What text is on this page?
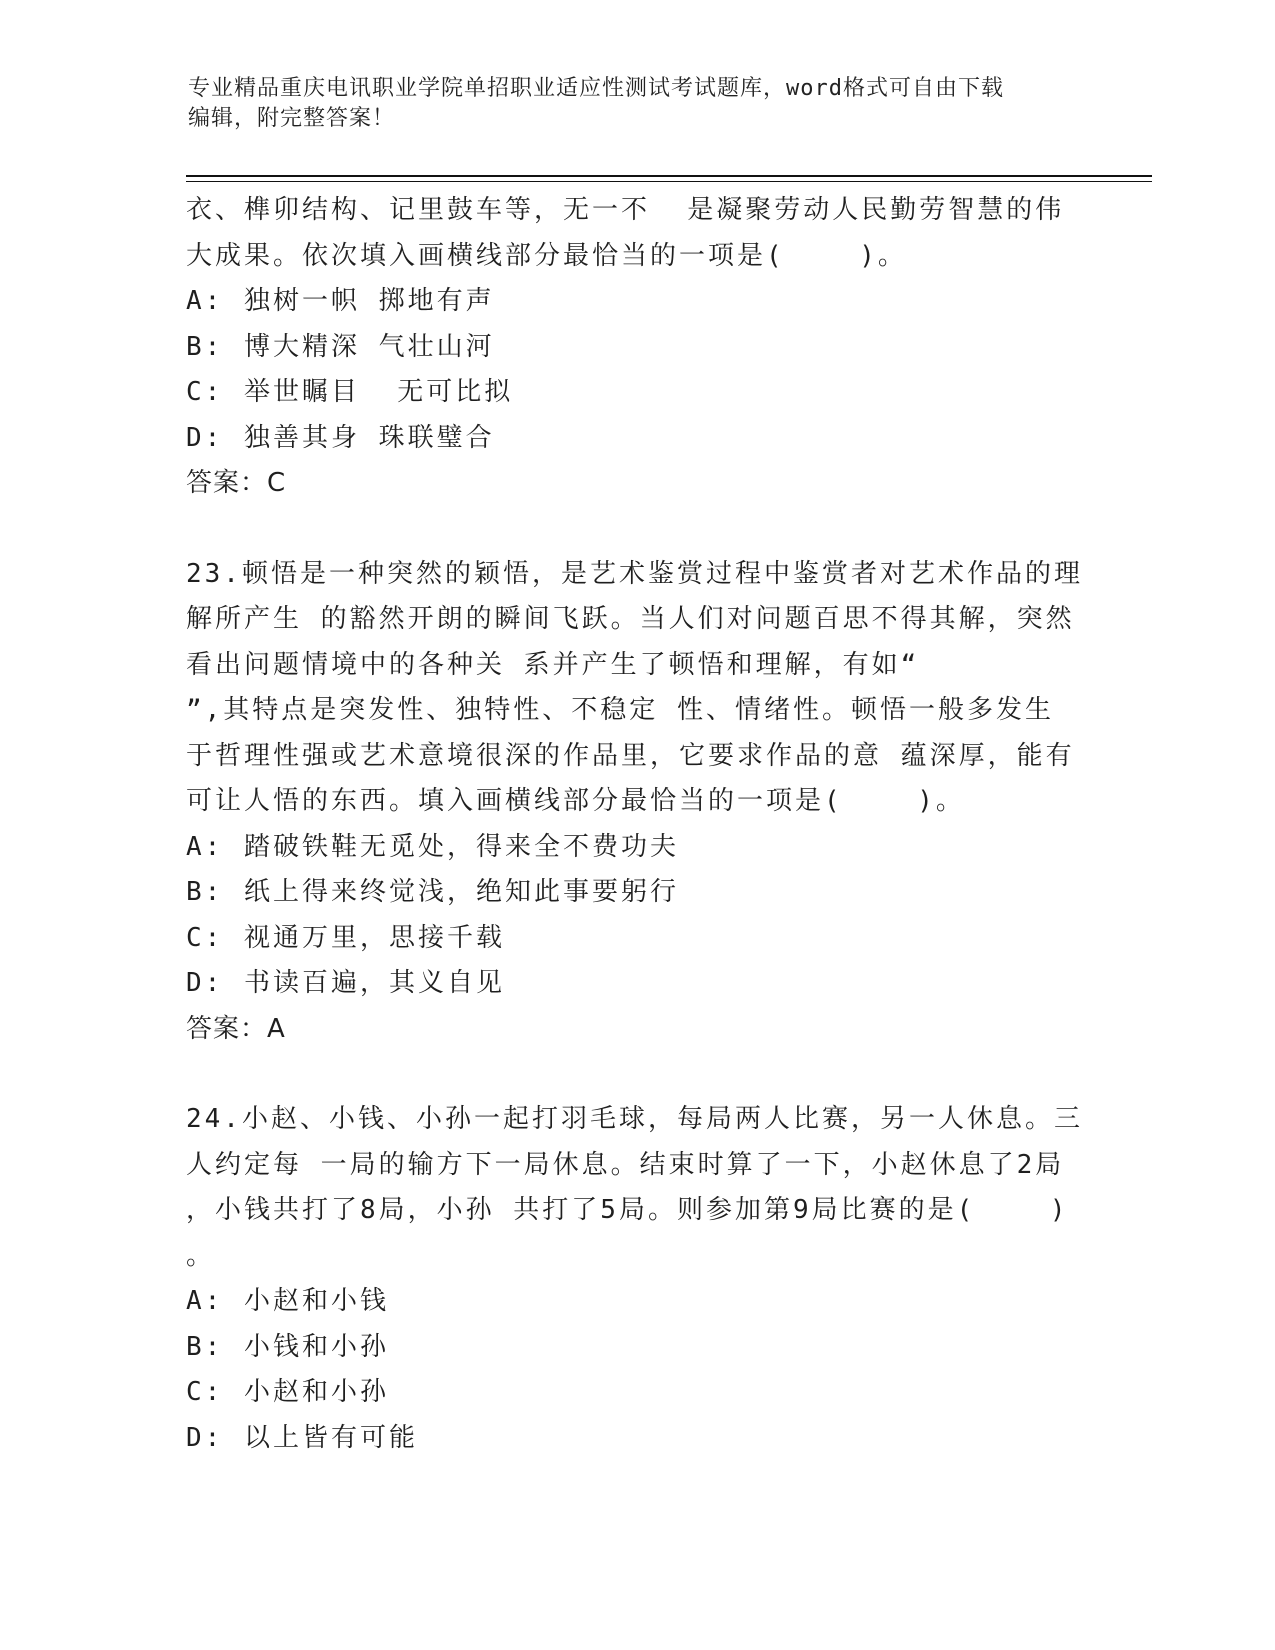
专业精品重庆电讯职业学院单招职业适应性测试考试题库，word格式可自由下载
编辑，附完整答案！
衣、榫卯结构、记里鼓车等，无一不  是凝聚劳动人民勤劳智慧的伟
大成果。依次填入画横线部分最恰当的一项是(    )。
A: 独树一帜 掷地有声
B: 博大精深 气壮山河
C: 举世瞩目  无可比拟
D: 独善其身 珠联璧合
答案：C
23.顿悟是一种突然的颖悟，是艺术鉴赏过程中鉴赏者对艺术作品的理
解所产生 的豁然开朗的瞬间飞跃。当人们对问题百思不得其解，突然
看出问题情境中的各种关 系并产生了顿悟和理解，有如“
”,其特点是突发性、独特性、不稳定 性、情绪性。顿悟一般多发生
于哲理性强或艺术意境很深的作品里，它要求作品的意 蕴深厚，能有
可让人悟的东西。填入画横线部分最恰当的一项是(    )。
A: 踏破铁鞋无觅处，得来全不费功夫
B: 纸上得来终觉浅，绝知此事要躬行
C: 视通万里，思接千载
D: 书读百遍，其义自见
答案：A
24.小赵、小钱、小孙一起打羽毛球，每局两人比赛，另一人休息。三
人约定每 一局的输方下一局休息。结束时算了一下，小赵休息了2局
，小钱共打了8局，小孙 共打了5局。则参加第9局比赛的是(    )
。
A: 小赵和小钱
B: 小钱和小孙
C: 小赵和小孙
D: 以上皆有可能
